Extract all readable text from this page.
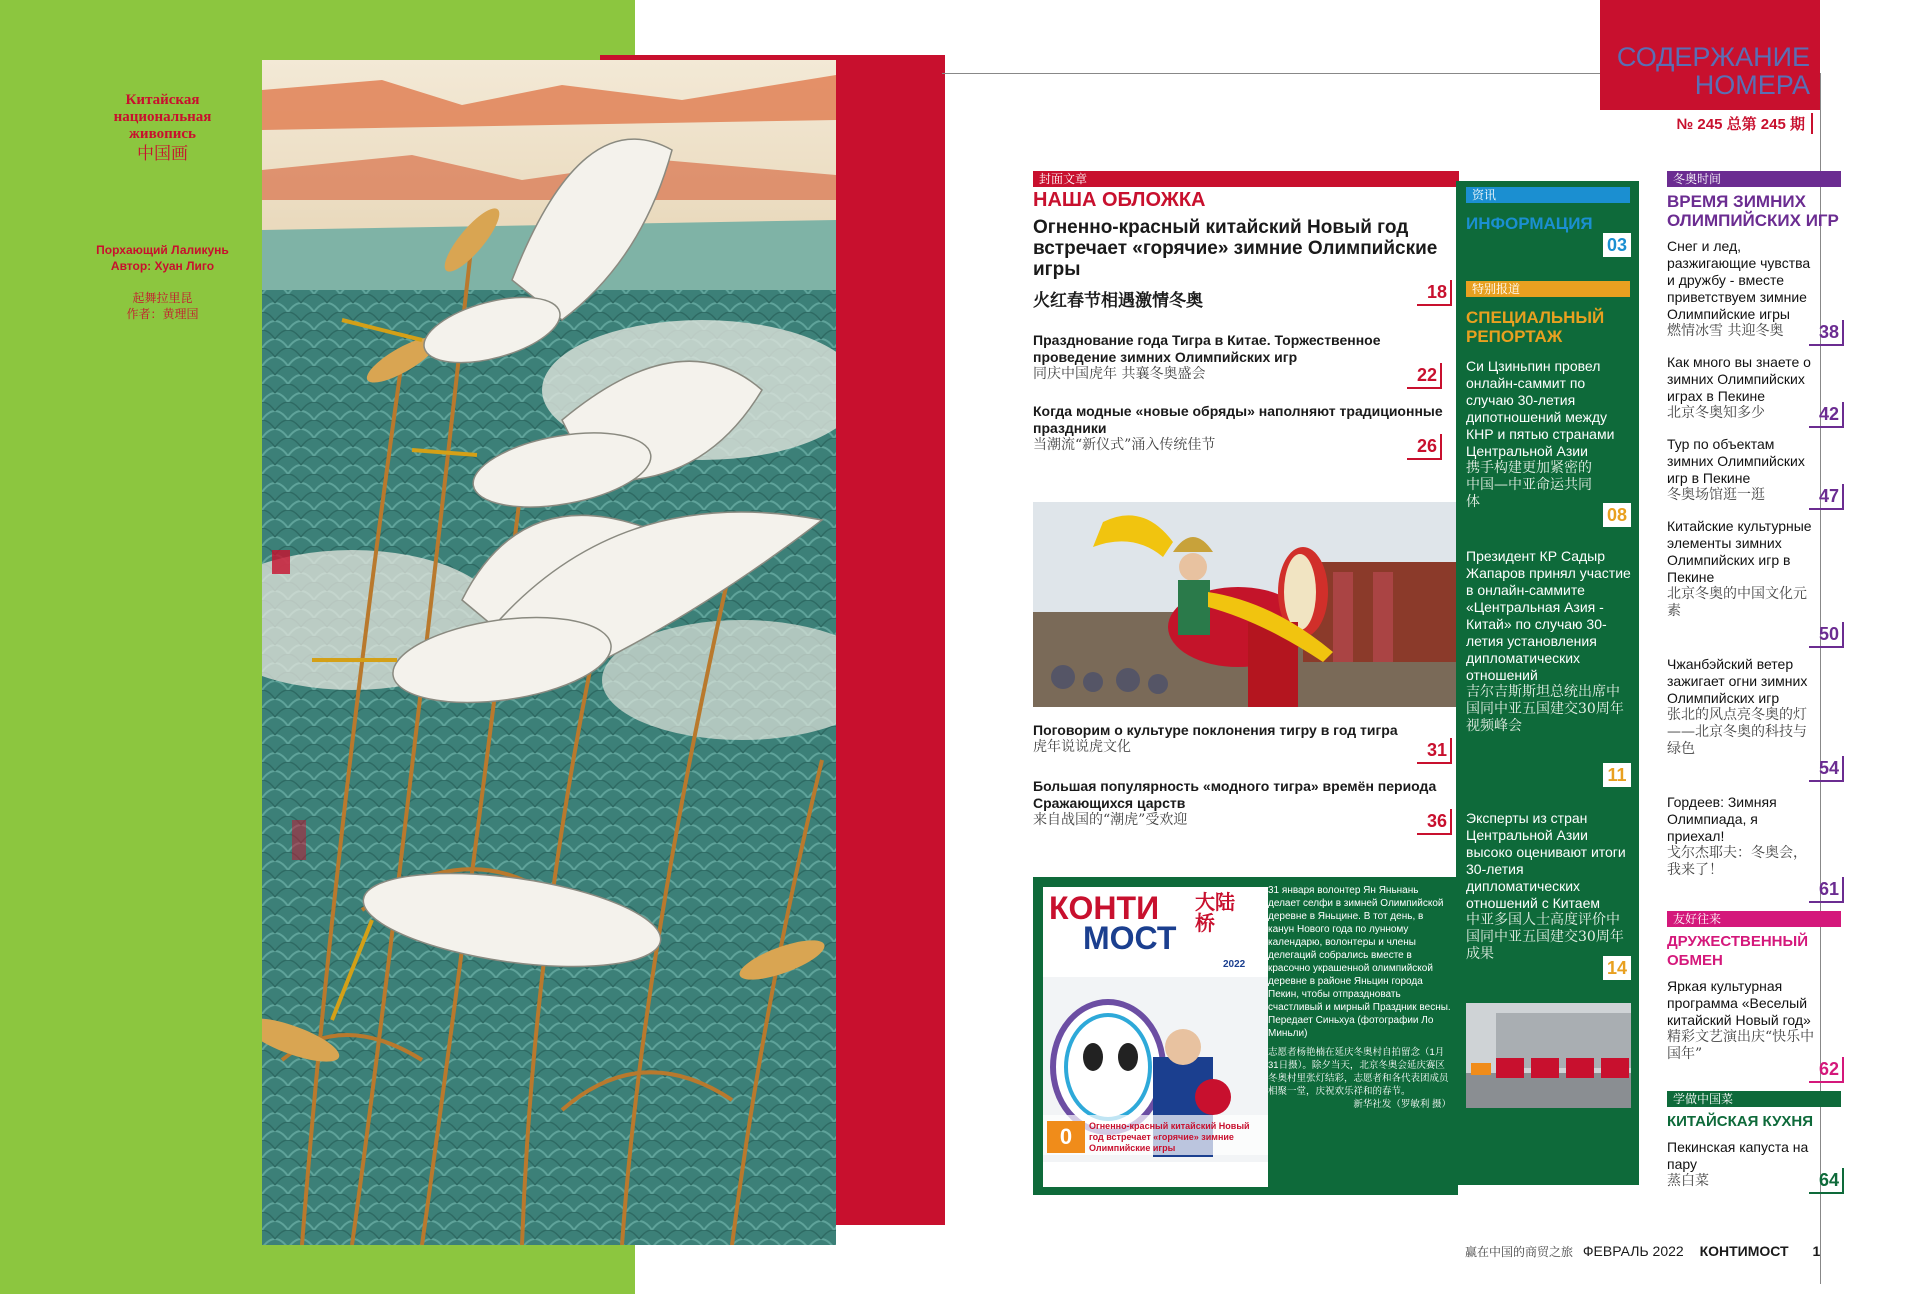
Китайская
национальная
живопись
中国画
Порхающий Лаликунь
Автор: Хуан Лиго
起舞拉里昆
作者：黄理国
СОДЕРЖАНИЕ
НОМЕРА
№ 245 总第 245 期
封面文章
НАША ОБЛОЖКА
Огненно-красный китайский Новый год встречает «горячие» зимние Олимпийские игры
火红春节相遇激情冬奥	18
Празднование года Тигра в Китае. Торжественное проведение зимних Олимпийских игр
同庆中国虎年 共襄冬奥盛会	22
Когда модные «новые обряды» наполняют традиционные праздники
当潮流“新仪式”涌入传统佳节	26
Поговорим о культуре поклонения тигру в год тигра
虎年说说虎文化	31
Большая популярность «модного тигра» времён периода Сражающихся царств
来自战国的“潮虎”受欢迎	36
КОНТИ
МОСТ
大陆桥
2022
0	Огненно-красный китайский Новый год встречает «горячие» зимние Олимпийские игры
31 января волонтер Ян Яньнань делает селфи в зимней Олимпийской деревне в Яньцине. В тот день, в канун Нового года по лунному календарю, волонтеры и члены делегаций собрались вместе в красочно украшенной олимпийской деревне в районе Яньцин города Пекин, чтобы отпраздновать счастливый и мирный Праздник весны. Передает Синьхуа (фотографии Ло Миньли)
志愿者杨艳楠在延庆冬奥村自拍留念（1月31日摄）。除夕当天，北京冬奥会延庆赛区冬奥村里张灯结彩，志愿者和各代表团成员相聚一堂，庆祝欢乐祥和的春节。
新华社发（罗敏利 摄）
资讯
ИНФОРМАЦИЯ
03
特别报道
СПЕЦИАЛЬНЫЙ РЕПОРТАЖ
Си Цзиньпин провел онлайн-саммит по случаю 30-летия дипотношений между КНР и пятью странами Центральной Азии
携手构建更加紧密的中国—中亚命运共同体
08
Президент КР Садыр Жапаров принял участие в онлайн-саммите «Центральная Азия - Китай» по случаю 30-летия установления дипломатических отношений
吉尔吉斯斯坦总统出席中国同中亚五国建交30周年视频峰会
11
Эксперты из стран Центральной Азии высоко оценивают итоги 30-летия дипломатических отношений с Китаем
中亚多国人士高度评价中国同中亚五国建交30周年成果
14
冬奥时间
ВРЕМЯ ЗИМНИХ ОЛИМПИЙСКИХ ИГР
Снег и лед, разжигающие чувства и дружбу - вместе приветствуем зимние Олимпийские игры
燃情冰雪 共迎冬奥	38
Как много вы знаете о зимних Олимпийских играх в Пекине
北京冬奥知多少	42
Тур по объектам зимних Олимпийских игр в Пекине
冬奥场馆逛一逛	47
Китайские культурные элементы зимних Олимпийских игр в Пекине
北京冬奥的中国文化元素
50
Чжанбэйский ветер зажигает огни зимних Олимпийских игр
张北的风点亮冬奥的灯——北京冬奥的科技与绿色
54
Гордеев: Зимняя Олимпиада, я приехал!
戈尔杰耶夫：冬奥会，我来了！
61
友好往来
ДРУЖЕСТВЕННЫЙ ОБМЕН
Яркая культурная программа «Веселый китайский Новый год»
精彩文艺演出庆“快乐中国年”
62
学做中国菜
КИТАЙСКАЯ КУХНЯ
Пекинская капуста на пару
蒸白菜	64
赢在中国的商贸之旅 ФЕВРАЛЬ 2022 КОНТИМОСТ 1
